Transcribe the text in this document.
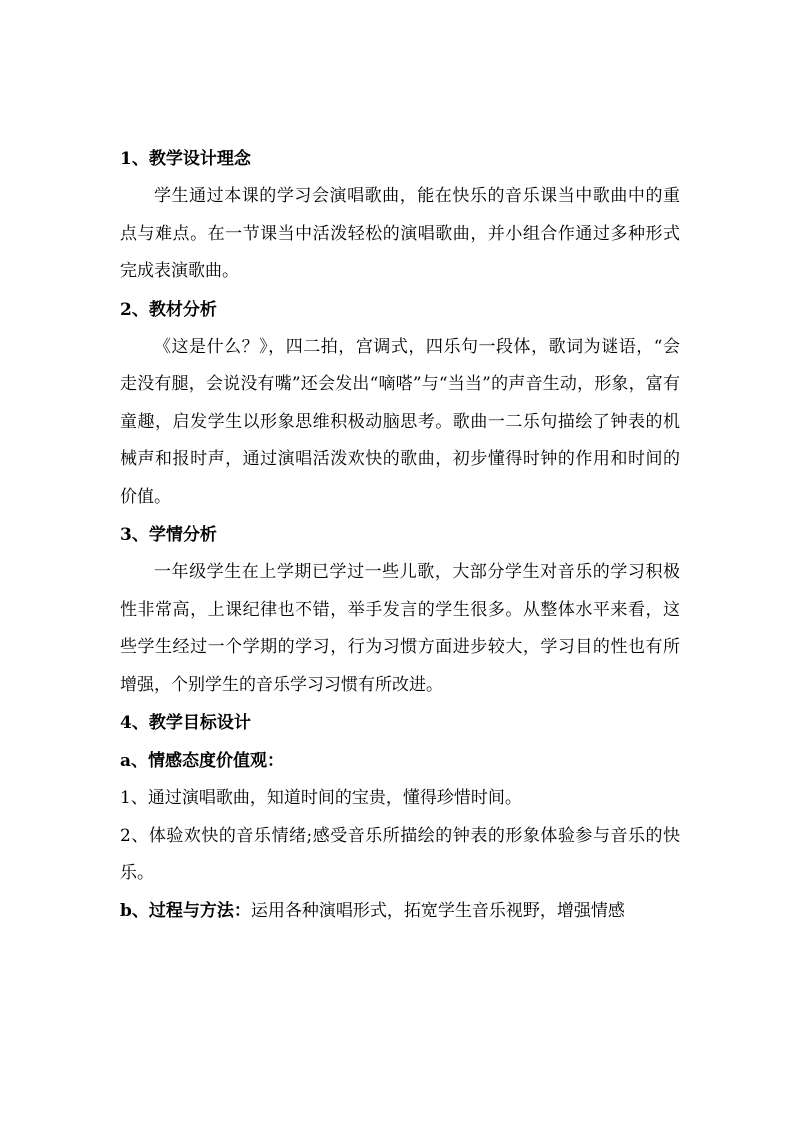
1、教学设计理念

学生通过本课的学习会演唱歌曲，能在快乐的音乐课当中歌曲中的重点与难点。在一节课当中活泼轻松的演唱歌曲，并小组合作通过多种形式完成表演歌曲。

2、教材分析

《这是什么？》，四二拍，宫调式，四乐句一段体，歌词为谜语，“会走没有腿，会说没有嘴”还会发出“嘀嗒”与“当当”的声音生动，形象，富有童趣，启发学生以形象思维积极动脑思考。歌曲一二乐句描绘了钟表的机械声和报时声，通过演唱活泼欢快的歌曲，初步懂得时钟的作用和时间的价值。

3、学情分析

一年级学生在上学期已学过一些儿歌，大部分学生对音乐的学习积极性非常高，上课纪律也不错，举手发言的学生很多。从整体水平来看，这些学生经过一个学期的学习，行为习惯方面进步较大，学习目的性也有所增强，个别学生的音乐学习习惯有所改进。

4、教学目标设计

a、情感态度价值观：

1、通过演唱歌曲，知道时间的宝贵，懂得珍惜时间。

2、体验欢快的音乐情绪;感受音乐所描绘的钟表的形象体验参与音乐的快乐。

b、过程与方法：运用各种演唱形式，拓宽学生音乐视野，增强情感
